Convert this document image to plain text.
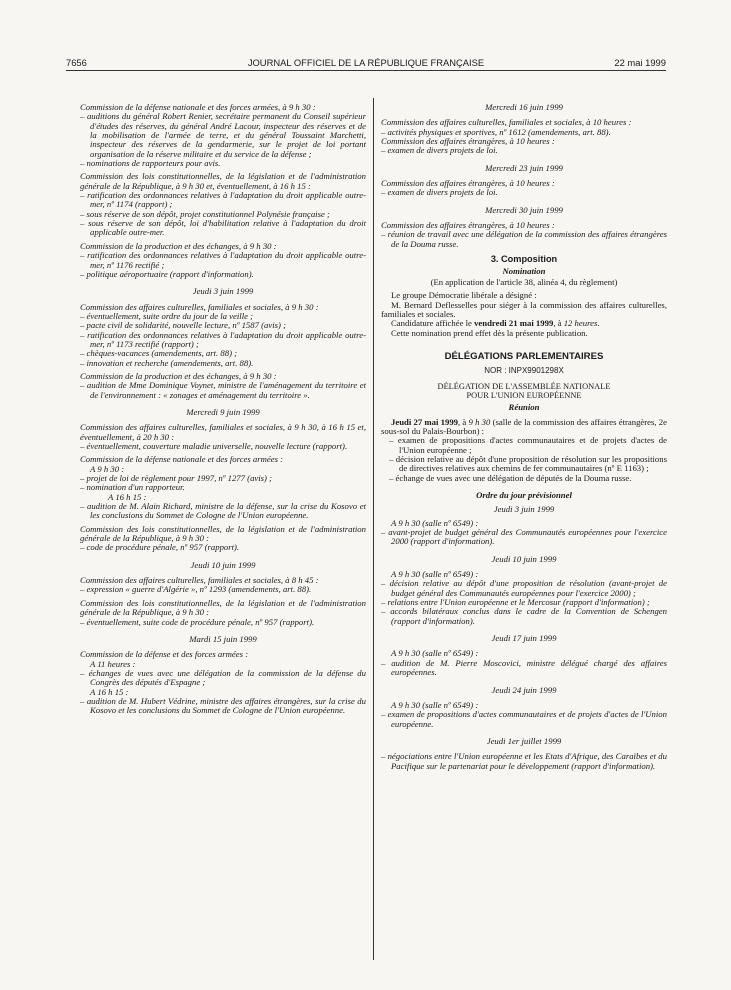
7656	JOURNAL OFFICIEL DE LA RÉPUBLIQUE FRANÇAISE	22 mai 1999

Commission de la défense nationale et des forces armées, à 9 h 30 :

– auditions du général Robert Renier, secrétaire permanent du Conseil supérieur d'études des réserves, du général André Lacour, inspecteur des réserves et de la mobilisation de l'armée de terre, et du général Toussaint Marchetti, inspecteur des réserves de la gendarmerie, sur le projet de loi portant organisation de la réserve militaire et du service de la défense ;

– nominations de rapporteurs pour avis.

Commission des lois constitutionnelles, de la législation et de l'administration générale de la République, à 9 h 30 et, éventuellement, à 16 h 15 :

– ratification des ordonnances relatives à l'adaptation du droit applicable outre-mer, nº 1174 (rapport) ;

– sous réserve de son dépôt, projet constitutionnel Polynésie française ;

– sous réserve de son dépôt, loi d'habilitation relative à l'adaptation du droit applicable outre-mer.

Commission de la production et des échanges, à 9 h 30 :

– ratification des ordonnances relatives à l'adaptation du droit applicable outre-mer, nº 1176 rectifié ;

– politique aéroportuaire (rapport d'information).

Jeudi 3 juin 1999

Commission des affaires culturelles, familiales et sociales, à 9 h 30 :

– éventuellement, suite ordre du jour de la veille ;

– pacte civil de solidarité, nouvelle lecture, nº 1587 (avis) ;

– ratification des ordonnances relatives à l'adaptation du droit applicable outre-mer, nº 1173 rectifié (rapport) ;

– chèques-vacances (amendements, art. 88) ;

– innovation et recherche (amendements, art. 88).

Commission de la production et des échanges, à 9 h 30 :

– audition de Mme Dominique Voynet, ministre de l'aménagement du territoire et de l'environnement : « zonages et aménagement du territoire ».

Mercredi 9 juin 1999

Commission des affaires culturelles, familiales et sociales, à 9 h 30, à 16 h 15 et, éventuellement, à 20 h 30 :

– éventuellement, couverture maladie universelle, nouvelle lecture (rapport).

Commission de la défense nationale et des forces armées :

A 9 h 30 :

– projet de loi de règlement pour 1997, nº 1277 (avis) ;

– nomination d'un rapporteur.

A 16 h 15 :

– audition de M. Alain Richard, ministre de la défense, sur la crise du Kosovo et les conclusions du Sommet de Cologne de l'Union européenne.

Commission des lois constitutionnelles, de la législation et de l'administration générale de la République, à 9 h 30 :

– code de procédure pénale, nº 957 (rapport).

Jeudi 10 juin 1999

Commission des affaires culturelles, familiales et sociales, à 8 h 45 :

– expression « guerre d'Algérie », nº 1293 (amendements, art. 88).

Commission des lois constitutionnelles, de la législation et de l'administration générale de la République, à 9 h 30 :

– éventuellement, suite code de procédure pénale, nº 957 (rapport).

Mardi 15 juin 1999

Commission de la défense et des forces armées :

A 11 heures :

– échanges de vues avec une délégation de la commission de la défense du Congrès des députés d'Espagne ;

A 16 h 15 :

– audition de M. Hubert Védrine, ministre des affaires étrangères, sur la crise du Kosovo et les conclusions du Sommet de Cologne de l'Union européenne.

Mercredi 16 juin 1999

Commission des affaires culturelles, familiales et sociales, à 10 heures :

– activités physiques et sportives, nº 1612 (amendements, art. 88).

Commission des affaires étrangères, à 10 heures :

– examen de divers projets de loi.

Mercredi 23 juin 1999

Commission des affaires étrangères, à 10 heures :

– examen de divers projets de loi.

Mercredi 30 juin 1999

Commission des affaires étrangères, à 10 heures :

– réunion de travail avec une délégation de la commission des affaires étrangères de la Douma russe.

3. Composition

Nomination

(En application de l'article 38, alinéa 4, du règlement)

Le groupe Démocratie libérale a désigné :

M. Bernard Deflesselles pour siéger à la commission des affaires culturelles, familiales et sociales.

Candidature affichée le vendredi 21 mai 1999, à 12 heures.

Cette nomination prend effet dès la présente publication.

DÉLÉGATIONS PARLEMENTAIRES

NOR : INPX9901298X

DÉLÉGATION DE L'ASSEMBLÉE NATIONALE

POUR L'UNION EUROPÉENNE

Réunion

Jeudi 27 mai 1999, à 9 h 30 (salle de la commission des affaires étrangères, 2e sous-sol du Palais-Bourbon) :

– examen de propositions d'actes communautaires et de projets d'actes de l'Union européenne ;

– décision relative au dépôt d'une proposition de résolution sur les propositions de directives relatives aux chemins de fer communautaires (nº E 1163) ;

– échange de vues avec une délégation de députés de la Douma russe.

Ordre du jour prévisionnel

Jeudi 3 juin 1999

A 9 h 30 (salle nº 6549) :

– avant-projet de budget général des Communautés européennes pour l'exercice 2000 (rapport d'information).

Jeudi 10 juin 1999

A 9 h 30 (salle nº 6549) :

– décision relative au dépôt d'une proposition de résolution (avant-projet de budget général des Communautés européennes pour l'exercice 2000) ;

– relations entre l'Union européenne et le Mercosur (rapport d'information) ;

– accords bilatéraux conclus dans le cadre de la Convention de Schengen (rapport d'information).

Jeudi 17 juin 1999

A 9 h 30 (salle nº 6549) :

– audition de M. Pierre Moscovici, ministre délégué chargé des affaires européennes.

Jeudi 24 juin 1999

A 9 h 30 (salle nº 6549) :

– examen de propositions d'actes communautaires et de projets d'actes de l'Union européenne.

Jeudi 1er juillet 1999

– négociations entre l'Union européenne et les Etats d'Afrique, des Caraïbes et du Pacifique sur le partenariat pour le développement (rapport d'information).
